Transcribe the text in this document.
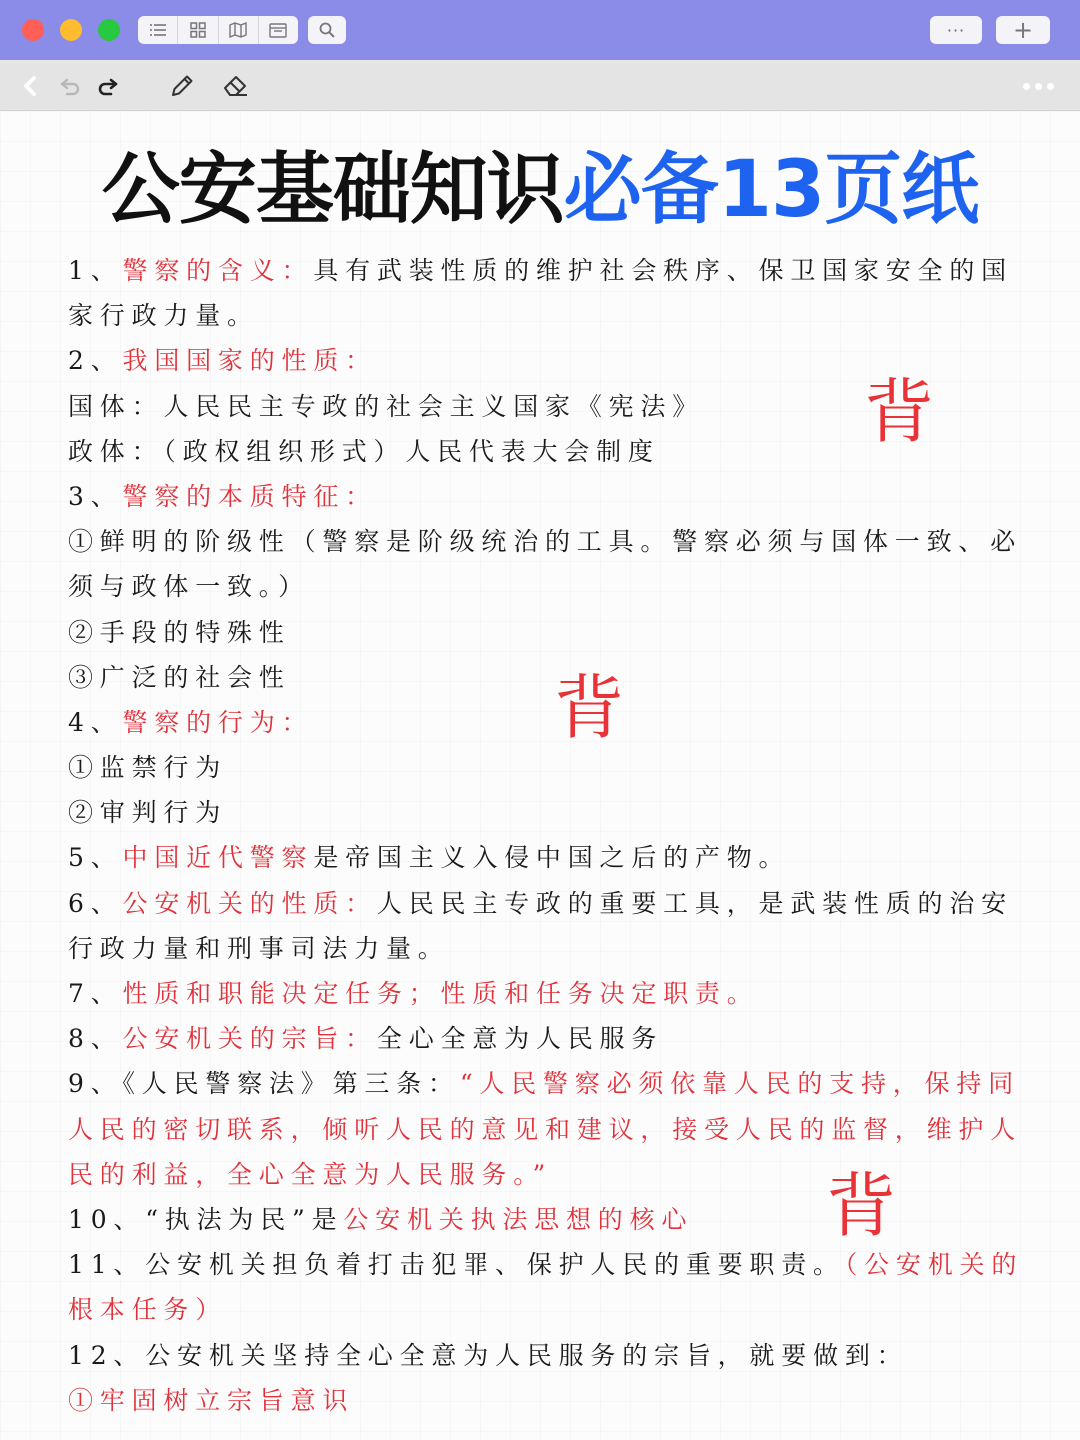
···	+
公安基础知识必备13页纸
1、警察的含义：具有武装性质的维护社会秩序、保卫国家安全的国
家行政力量。
2、我国国家的性质：
国体：人民民主专政的社会主义国家《宪法》
政体：（政权组织形式）人民代表大会制度
3、警察的本质特征：
①鲜明的阶级性（警察是阶级统治的工具。警察必须与国体一致、必
须与政体一致。）
②手段的特殊性
③广泛的社会性
4、警察的行为：
①监禁行为
②审判行为
5、中国近代警察是帝国主义入侵中国之后的产物。
6、公安机关的性质：人民民主专政的重要工具，是武装性质的治安
行政力量和刑事司法力量。
7、性质和职能决定任务；性质和任务决定职责。
8、公安机关的宗旨：全心全意为人民服务
9、《人民警察法》第三条：“人民警察必须依靠人民的支持，保持同
人民的密切联系，倾听人民的意见和建议，接受人民的监督，维护人
民的利益，全心全意为人民服务。”
10、“执法为民”是公安机关执法思想的核心
11、公安机关担负着打击犯罪、保护人民的重要职责。（公安机关的
根本任务）
12、公安机关坚持全心全意为人民服务的宗旨，就要做到：
①牢固树立宗旨意识
背
背
背
